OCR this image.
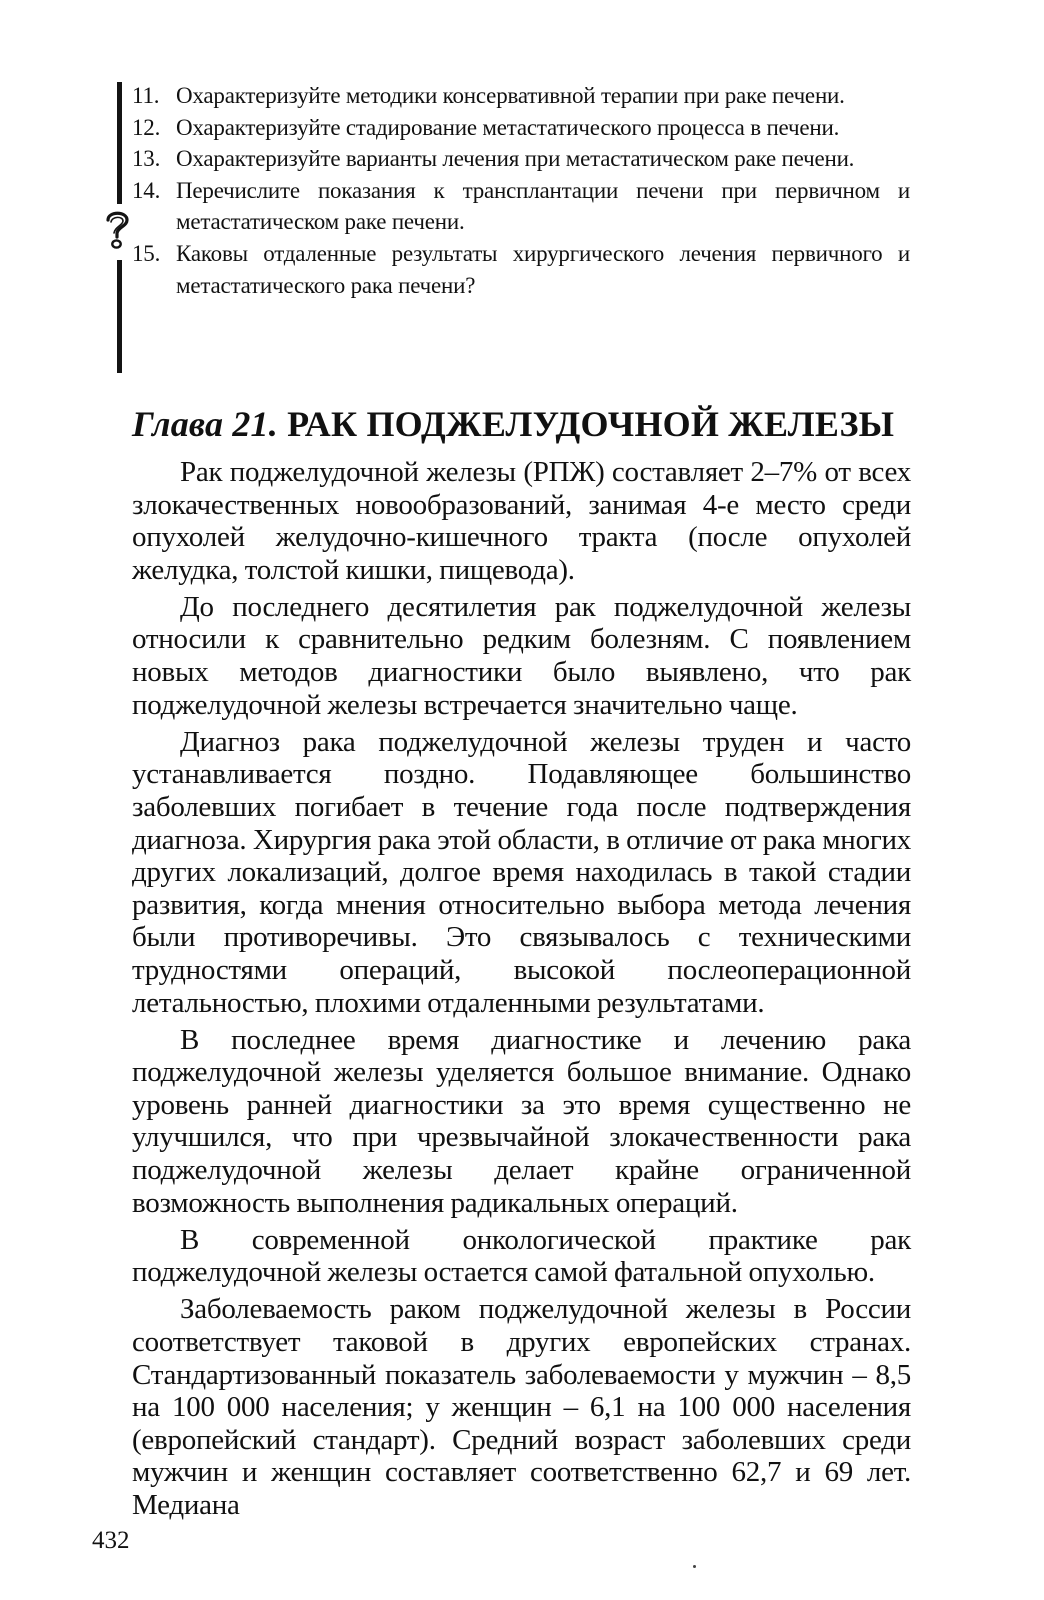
11. Охарактеризуйте методики консервативной терапии при раке печени.
12. Охарактеризуйте стадирование метастатического процесса в печени.
13. Охарактеризуйте варианты лечения при метастатическом раке печени.
14. Перечислите показания к трансплантации печени при первичном и метастатическом раке печени.
15. Каковы отдаленные результаты хирургического лечения первичного и метастатического рака печени?
Глава 21. РАК ПОДЖЕЛУДОЧНОЙ ЖЕЛЕЗЫ

Рак поджелудочной железы (РПЖ) составляет 2–7% от всех злокачественных новообразований, занимая 4-е место среди опухолей желудочно-кишечного тракта (после опухолей желудка, толстой кишки, пищевода).

До последнего десятилетия рак поджелудочной железы относили к сравнительно редким болезням. С появлением новых методов диагностики было выявлено, что рак поджелудочной железы встречается значительно чаще.

Диагноз рака поджелудочной железы труден и часто устанавливается поздно. Подавляющее большинство заболевших погибает в течение года после подтверждения диагноза. Хирургия рака этой области, в отличие от рака многих других локализаций, долгое время находилась в такой стадии развития, когда мнения относительно выбора метода лечения были противоречивы. Это связывалось с техническими трудностями операций, высокой послеоперационной летальностью, плохими отдаленными результатами.

В последнее время диагностике и лечению рака поджелудочной железы уделяется большое внимание. Однако уровень ранней диагностики за это время существенно не улучшился, что при чрезвычайной злокачественности рака поджелудочной железы делает крайне ограниченной возможность выполнения радикальных операций.

В современной онкологической практике рак поджелудочной железы остается самой фатальной опухолью.

Заболеваемость раком поджелудочной железы в России соответствует таковой в других европейских странах. Стандартизованный показатель заболеваемости у мужчин – 8,5 на 100 000 населения; у женщин – 6,1 на 100 000 населения (европейский стандарт). Средний возраст заболевших среди мужчин и женщин составляет соответственно 62,7 и 69 лет. Медиана

432
